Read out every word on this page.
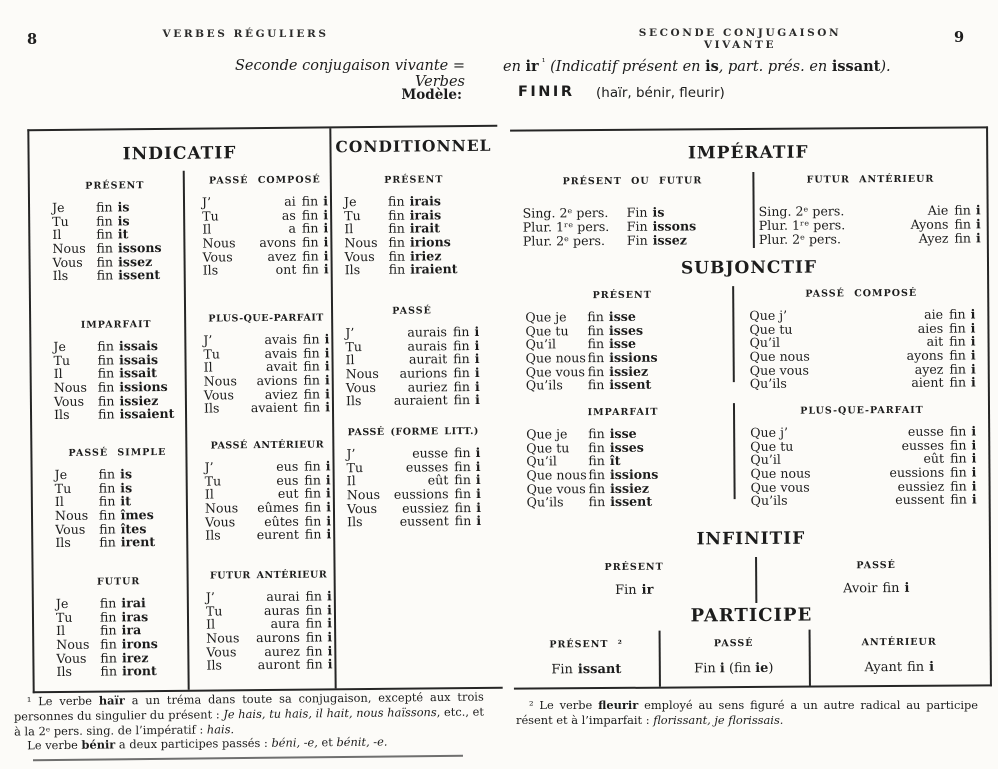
8	VERBES RÉGULIERS
Seconde conjugaison vivante = Verbes
Modèle:
INDICATIF	CONDITIONNEL
PRÉSENT
Je	fin is
Tu	fin is
Il	fin it
Nous fin issons
Vous	fin issez
Ils	fin issent
IMPARFAIT
Je	fin issais
Tu	fin issais
Il	fin issait
Nous fin issions
Vous	fin issiez
Ils	fin issaient
PASSÉ SIMPLE
Je	fin is
Tu	fin is
Il	fin it
Nous fin îmes
Vous	fin îtes
Ils	fin irent
FUTUR
Je	fin irai
Tu	fin iras
Il	fin ira
Nous fin irons
Vous	fin irez
Ils	fin iront
PASSÉ COMPOSÉ
J’	ai fin i
Tu	as fin i
Il	a fin i
Nous	avons fin i
Vous	avez fin i
Ils	ont fin i
PLUS-QUE-PARFAIT
J’	avais fin i
Tu	avais fin i
Il	avait fin i
Nous	avions fin i
Vous	aviez fin i
Ils	avaient fin i
PASSÉ ANTÉRIEUR
J’	eus fin i
Tu	eus fin i
Il	eut fin i
Nous	eûmes fin i
Vous	eûtes fin i
Ils	eurent fin i
FUTUR ANTÉRIEUR
J’	aurai fin i
Tu	auras fin i
Il	aura fin i
Nous	aurons fin i
Vous	aurez fin i
Ils	auront fin i
PRÉSENT
Je	fin irais
Tu	fin irais
Il	fin irait
Nous fin irions
Vous	fin iriez
Ils	fin iraient
PASSÉ
J’	aurais fin i
Tu	aurais fin i
Il	aurait fin i
Nous	aurions fin i
Vous	auriez fin i
Ils	auraient fin i
PASSÉ (FORME LITT.)
J’	eusse fin i
Tu	eusses fin i
Il	eût fin i
Nous	eussions fin i
Vous	eussiez fin i
Ils	eussent fin i

¹ Le verbe haïr a un tréma dans toute sa conjugaison, excepté aux trois personnes du singulier du présent : Je hais, tu hais, il hait, nous haïssons, etc., et à la 2ᵉ pers. sing. de l’impératif : hais.

Le verbe bénir a deux participes passés : béni, -e, et bénit, -e.

SECONDE CONJUGAISON VIVANTE	9
en ir $^{^1}$ (Indicatif présent en is, part. prés. en issant).
FINIR (haïr, bénir, fleurir)
IMPÉRATIF
PRÉSENT OU FUTUR	FUTUR ANTÉRIEUR
Sing. 2ᵉ pers.	Fin is
Plur. 1ʳᵉ pers.	Fin issons
Plur. 2ᵉ pers.	Fin issez
Sing. 2ᵉ pers.	Aie fin i
Plur. 1ʳᵉ pers.	Ayons fin i
Plur. 2ᵉ pers.	Ayez fin i
SUBJONCTIF
PRÉSENT	PASSÉ COMPOSÉ
Que je	fin isse
Que tu	fin isses
Qu’il	fin isse
Que nous fin issions
Que vous fin issiez
Qu’ils	fin issent
Que j’	aie fin i
Que tu	aies fin i
Qu’il	ait fin i
Que nous	ayons fin i
Que vous	ayez fin i
Qu’ils	aient fin i
IMPARFAIT	PLUS-QUE-PARFAIT
Que je	fin isse
Que tu	fin isses
Qu’il	fin ît
Que nous fin issions
Que vous fin issiez
Qu’ils	fin issent
Que j’	eusse fin i
Que tu	eusses fin i
Qu’il	eût fin i
Que nous	eussions fin i
Que vous	eussiez fin i
Qu’ils	eussent fin i
INFINITIF
PRÉSENT	PASSÉ
Fin ir	Avoir fin i
PARTICIPE
PRÉSENT ²	PASSÉ	ANTÉRIEUR
Fin issant	Fin i (fin ie)	Ayant fin i

² Le verbe fleurir employé au sens figuré a un autre radical au participe résent et à l’imparfait : florissant, je florissais.
